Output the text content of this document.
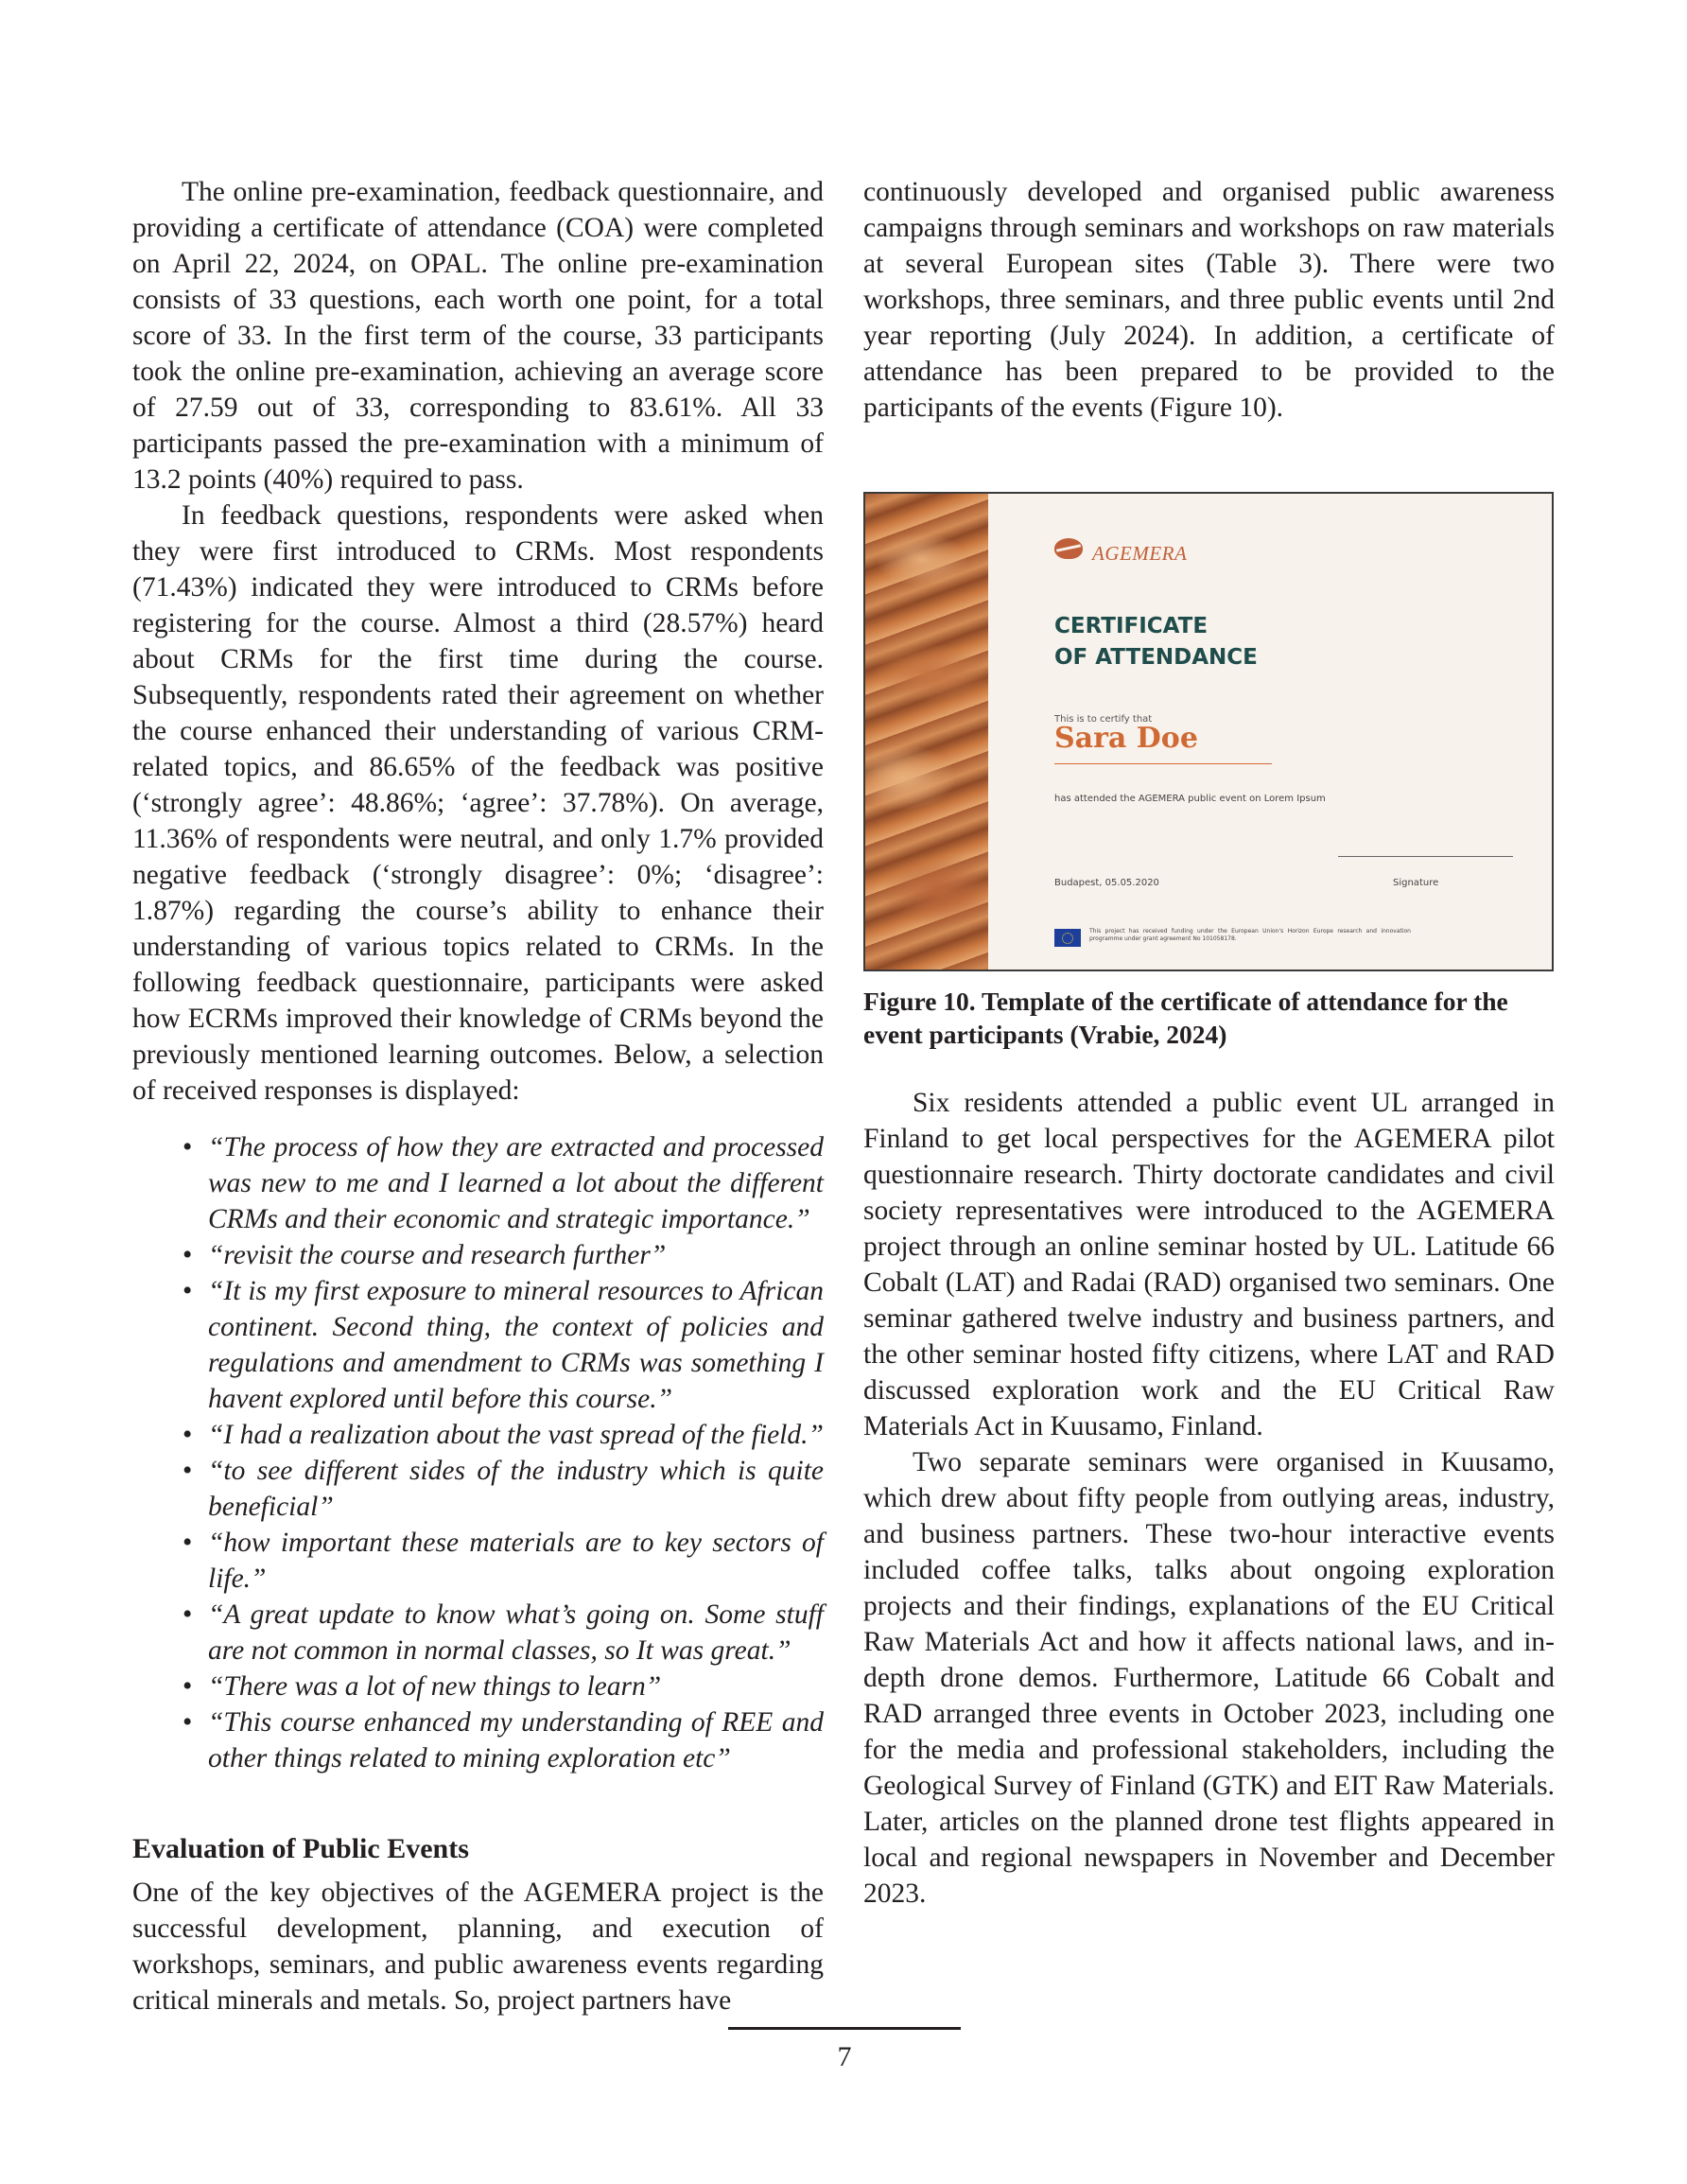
The online pre-examination, feedback questionnaire, and providing a certificate of attendance (COA) were completed on April 22, 2024, on OPAL. The online pre-examination consists of 33 questions, each worth one point, for a total score of 33. In the first term of the course, 33 participants took the online pre-examination, achieving an average score of 27.59 out of 33, corresponding to 83.61%. All 33 participants passed the pre-examination with a minimum of 13.2 points (40%) required to pass.

In feedback questions, respondents were asked when they were first introduced to CRMs. Most respondents (71.43%) indicated they were introduced to CRMs before registering for the course. Almost a third (28.57%) heard about CRMs for the first time during the course. Subsequently, respondents rated their agreement on whether the course enhanced their understanding of various CRM-related topics, and 86.65% of the feedback was positive (‘strongly agree’: 48.86%; ‘agree’: 37.78%). On average, 11.36% of respondents were neutral, and only 1.7% provided negative feedback (‘strongly disagree’: 0%; ‘disagree’: 1.87%) regarding the course’s ability to enhance their understanding of various topics related to CRMs. In the following feedback questionnaire, participants were asked how ECRMs improved their knowledge of CRMs beyond the previously mentioned learning outcomes. Below, a selection of received responses is displayed:

• “The process of how they are extracted and processed was new to me and I learned a lot about the different CRMs and their economic and strategic importance.”
• “revisit the course and research further”
• “It is my first exposure to mineral resources to African continent. Second thing, the context of policies and regulations and amendment to CRMs was something I havent explored until before this course.”
• “I had a realization about the vast spread of the field.”
• “to see different sides of the industry which is quite beneficial”
• “how important these materials are to key sectors of life.”
• “A great update to know what’s going on. Some stuff are not common in normal classes, so It was great.”
• “There was a lot of new things to learn”
• “This course enhanced my understanding of REE and other things related to mining exploration etc”
Evaluation of Public Events

One of the key objectives of the AGEMERA project is the successful development, planning, and execution of workshops, seminars, and public awareness events regarding critical minerals and metals. So, project partners have

continuously developed and organised public awareness campaigns through seminars and workshops on raw materials at several European sites (Table 3). There were two workshops, three seminars, and three public events until 2nd year reporting (July 2024). In addition, a certificate of attendance has been prepared to be provided to the participants of the events (Figure 10).

AGEMERA
CERTIFICATE
OF ATTENDANCE
This is to certify that
Sara Doe
has attended the AGEMERA public event on Lorem Ipsum
Budapest, 05.05.2020	Signature
This project has received funding under the European Union's Horizon Europe research and innovation programme under grant agreement No 101058178.

Figure 10. Template of the certificate of attendance for the event participants (Vrabie, 2024)

Six residents attended a public event UL arranged in Finland to get local perspectives for the AGEMERA pilot questionnaire research. Thirty doctorate candidates and civil society representatives were introduced to the AGEMERA project through an online seminar hosted by UL. Latitude 66 Cobalt (LAT) and Radai (RAD) organised two seminars. One seminar gathered twelve industry and business partners, and the other seminar hosted fifty citizens, where LAT and RAD discussed exploration work and the EU Critical Raw Materials Act in Kuusamo, Finland.

Two separate seminars were organised in Kuusamo, which drew about fifty people from outlying areas, industry, and business partners. These two-hour interactive events included coffee talks, talks about ongoing exploration projects and their findings, explanations of the EU Critical Raw Materials Act and how it affects national laws, and in-depth drone demos. Furthermore, Latitude 66 Cobalt and RAD arranged three events in October 2023, including one for the media and professional stakeholders, including the Geological Survey of Finland (GTK) and EIT Raw Materials. Later, articles on the planned drone test flights appeared in local and regional newspapers in November and December 2023.

7
